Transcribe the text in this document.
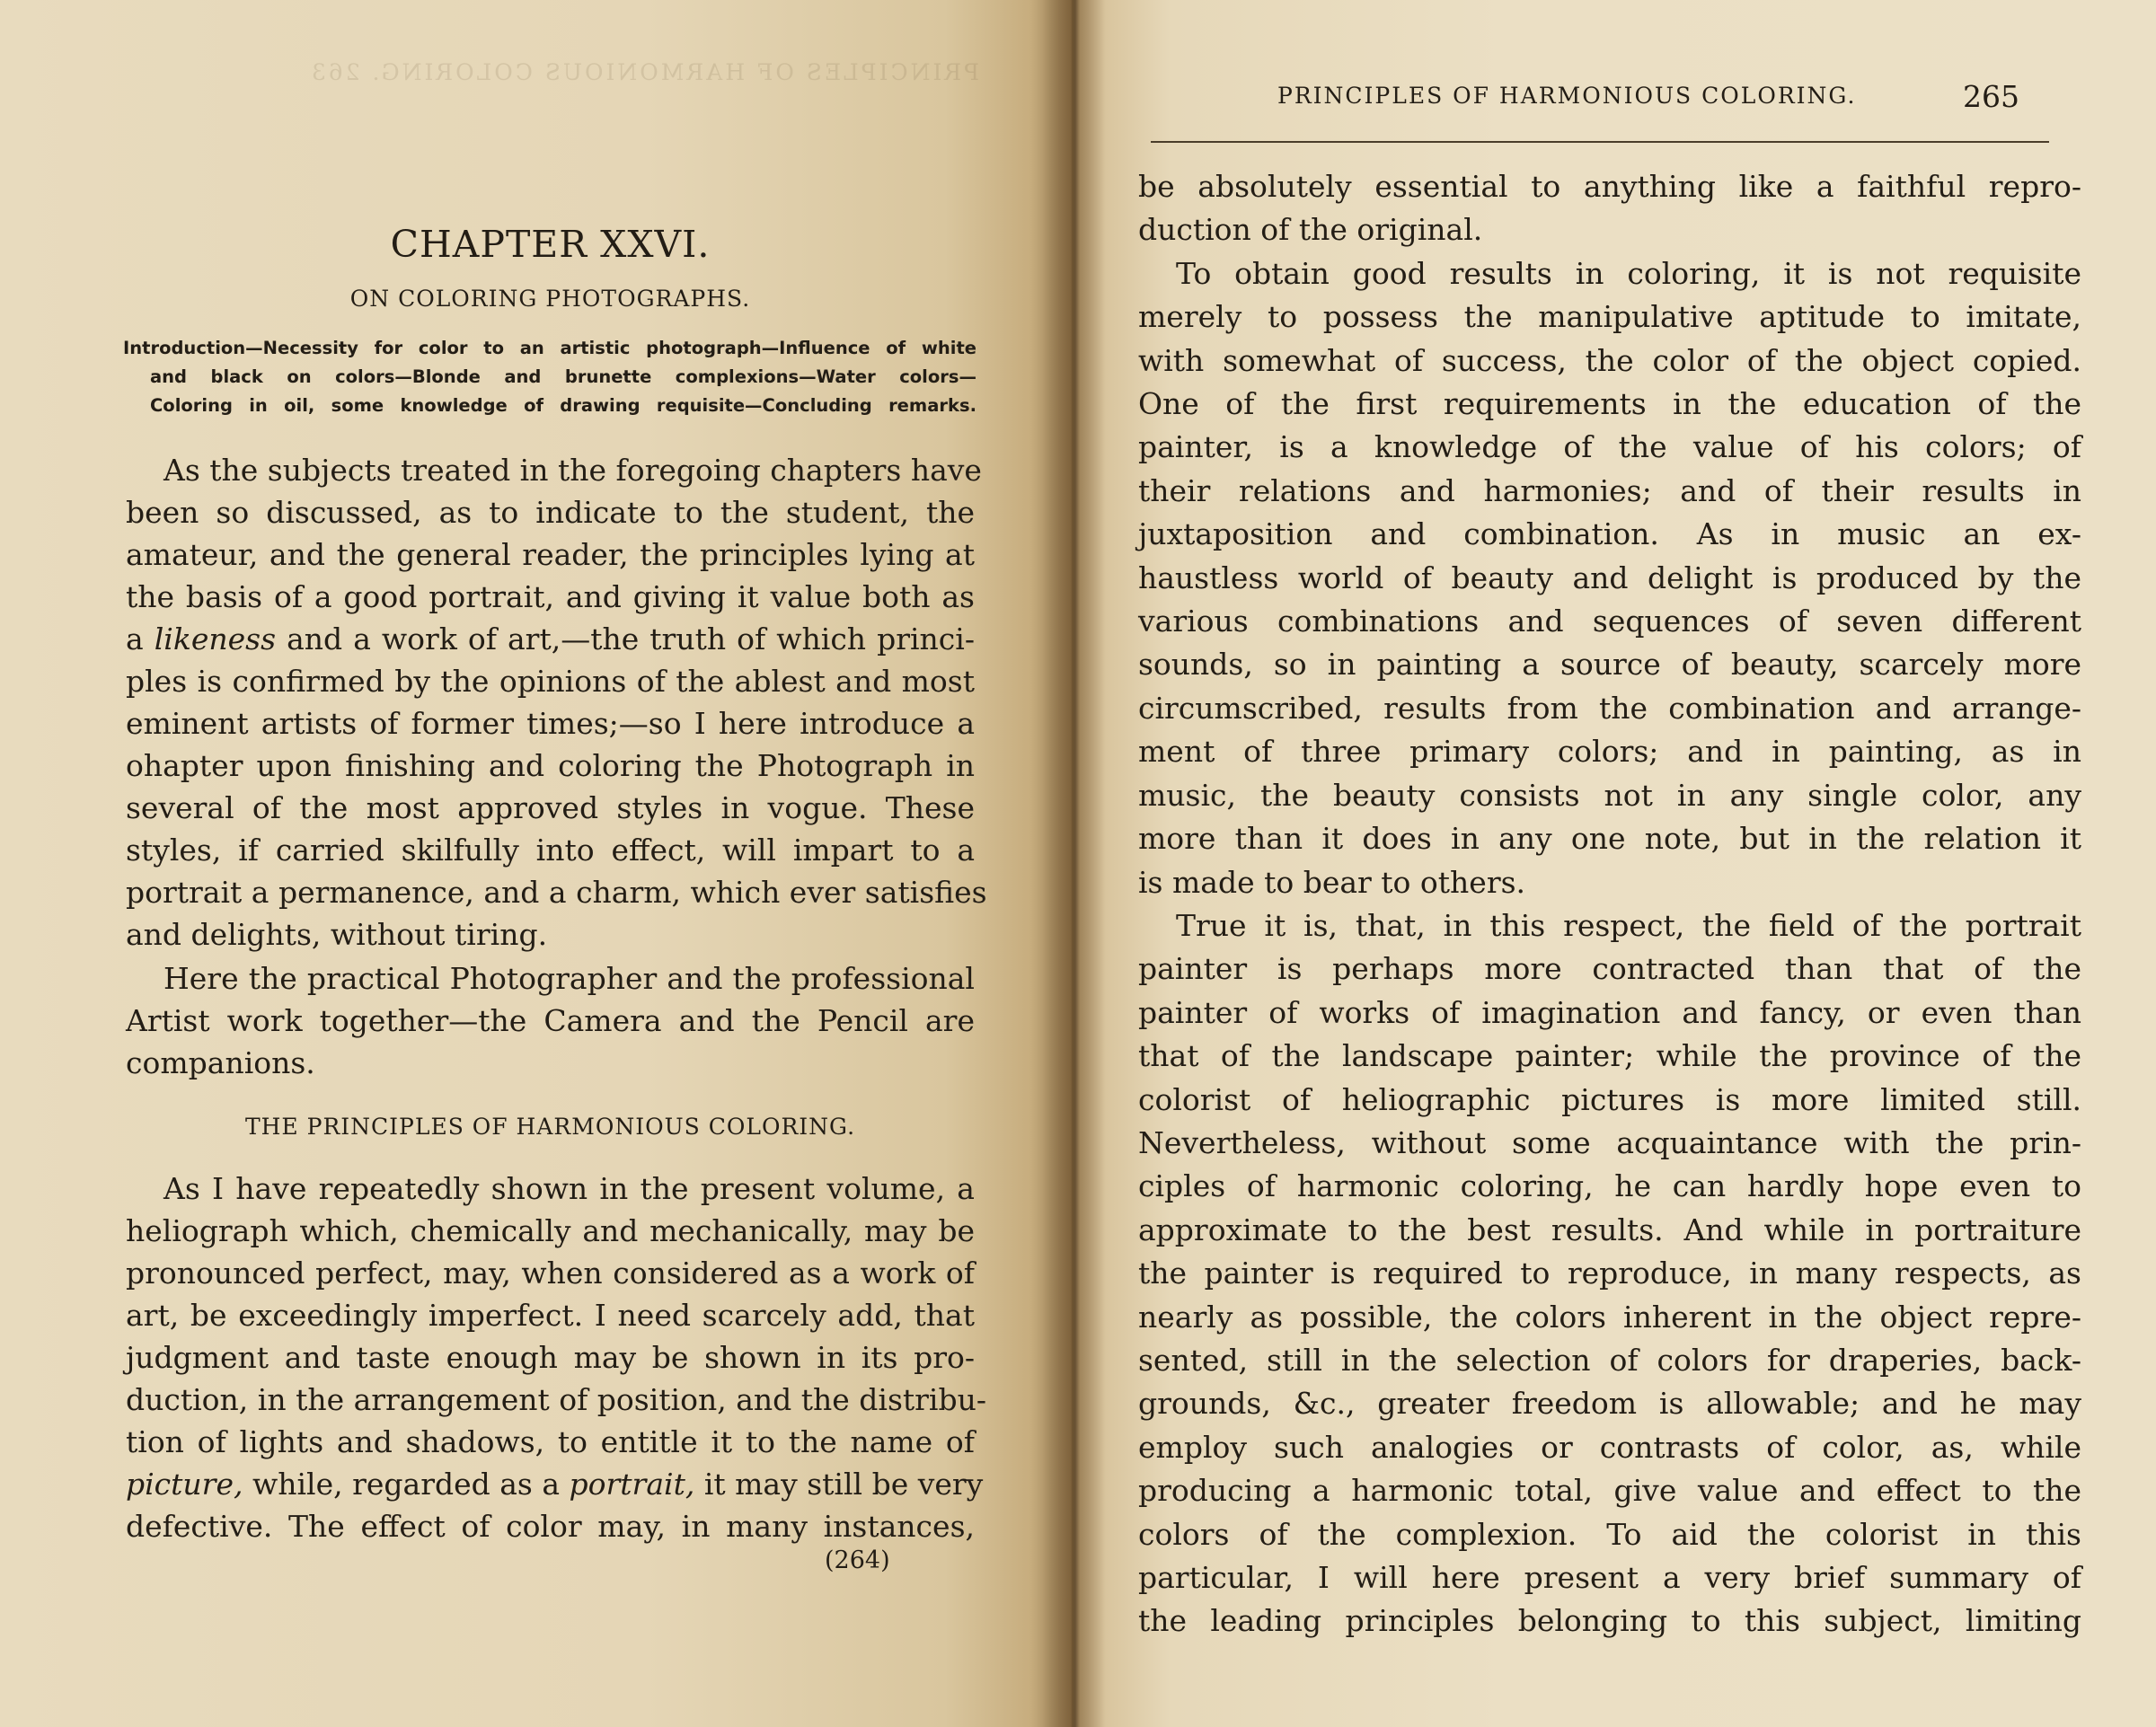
PRINCIPLES OF HARMONIOUS COLORING. 263
CHAPTER XXVI.
ON COLORING PHOTOGRAPHS.
Introduction—Necessity for color to an artistic photograph—Influence of white
and black on colors—Blonde and brunette complexions—Water colors—
Coloring in oil, some knowledge of drawing requisite—Concluding remarks.
As the subjects treated in the foregoing chapters have
been so discussed, as to indicate to the student, the
amateur, and the general reader, the principles lying at
the basis of a good portrait, and giving it value both as
a likeness and a work of art,—the truth of which princi-
ples is confirmed by the opinions of the ablest and most
eminent artists of former times;—so I here introduce a
ohapter upon finishing and coloring the Photograph in
several of the most approved styles in vogue. These
styles, if carried skilfully into effect, will impart to a
portrait a permanence, and a charm, which ever satisfies
and delights, without tiring.
Here the practical Photographer and the professional
Artist work together—the Camera and the Pencil are
companions.
THE PRINCIPLES OF HARMONIOUS COLORING.
As I have repeatedly shown in the present volume, a
heliograph which, chemically and mechanically, may be
pronounced perfect, may, when considered as a work of
art, be exceedingly imperfect. I need scarcely add, that
judgment and taste enough may be shown in its pro-
duction, in the arrangement of position, and the distribu-
tion of lights and shadows, to entitle it to the name of
picture, while, regarded as a portrait, it may still be very
defective. The effect of color may, in many instances,
(264)
PRINCIPLES OF HARMONIOUS COLORING.	265
be absolutely essential to anything like a faithful repro-
duction of the original.
To obtain good results in coloring, it is not requisite
merely to possess the manipulative aptitude to imitate,
with somewhat of success, the color of the object copied.
One of the first requirements in the education of the
painter, is a knowledge of the value of his colors; of
their relations and harmonies; and of their results in
juxtaposition and combination. As in music an ex-
haustless world of beauty and delight is produced by the
various combinations and sequences of seven different
sounds, so in painting a source of beauty, scarcely more
circumscribed, results from the combination and arrange-
ment of three primary colors; and in painting, as in
music, the beauty consists not in any single color, any
more than it does in any one note, but in the relation it
is made to bear to others.
True it is, that, in this respect, the field of the portrait
painter is perhaps more contracted than that of the
painter of works of imagination and fancy, or even than
that of the landscape painter; while the province of the
colorist of heliographic pictures is more limited still.
Nevertheless, without some acquaintance with the prin-
ciples of harmonic coloring, he can hardly hope even to
approximate to the best results. And while in portraiture
the painter is required to reproduce, in many respects, as
nearly as possible, the colors inherent in the object repre-
sented, still in the selection of colors for draperies, back-
grounds, &c., greater freedom is allowable; and he may
employ such analogies or contrasts of color, as, while
producing a harmonic total, give value and effect to the
colors of the complexion. To aid the colorist in this
particular, I will here present a very brief summary of
the leading principles belonging to this subject, limiting
